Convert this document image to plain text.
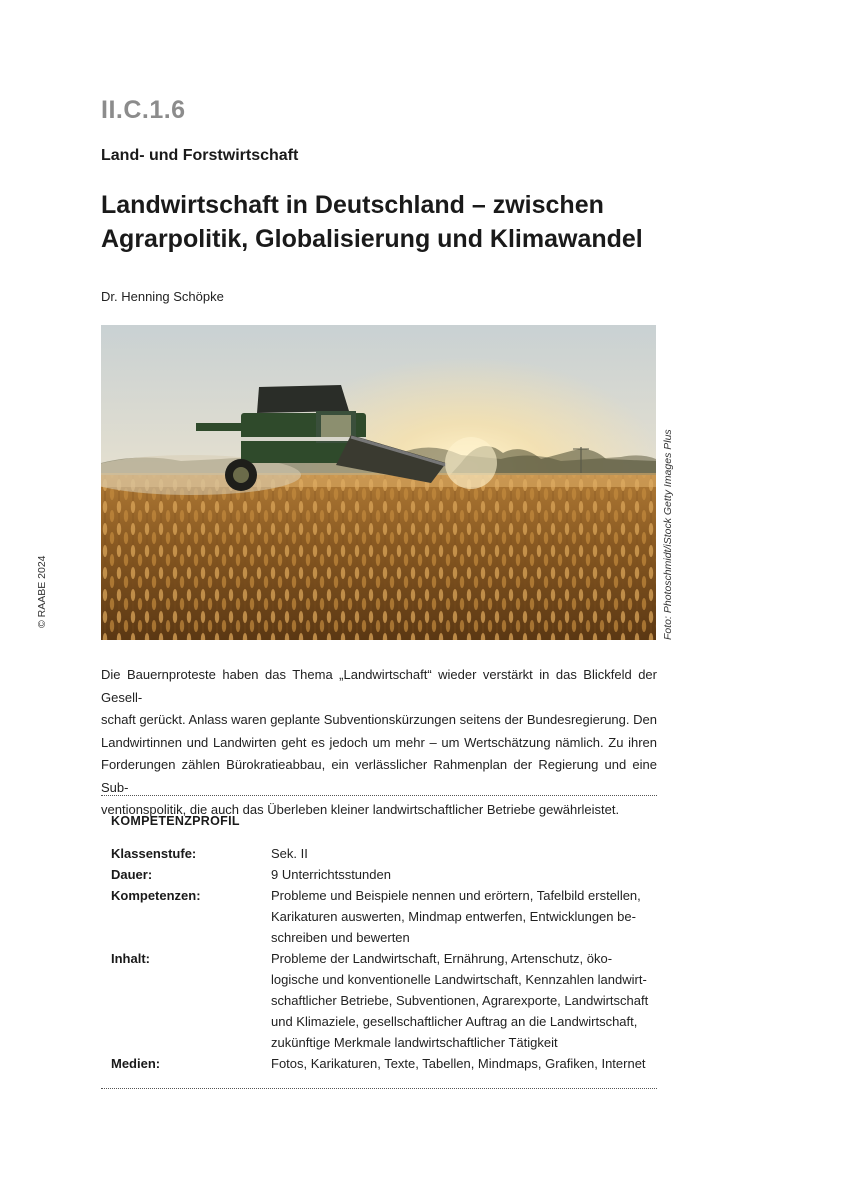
II.C.1.6
Land- und Forstwirtschaft
Landwirtschaft in Deutschland – zwischen
Agrarpolitik, Globalisierung und Klimawandel
Dr. Henning Schöpke
Foto: Photoschmidt/iStock Getty Images Plus
© RAABE 2024

Die Bauernproteste haben das Thema „Landwirtschaft“ wieder verstärkt in das Blickfeld der Gesell-
schaft gerückt. Anlass waren geplante Subventionskürzungen seitens der Bundesregierung. Den
Landwirtinnen und Landwirten geht es jedoch um mehr – um Wertschätzung nämlich. Zu ihren
Forderungen zählen Bürokratieabbau, ein verlässlicher Rahmenplan der Regierung und eine Sub-
ventionspolitik, die auch das Überleben kleiner landwirtschaftlicher Betriebe gewährleistet.

KOMPETENZPROFIL
Klassenstufe:	Sek. II
Dauer:	9 Unterrichtsstunden
Kompetenzen:	Probleme und Beispiele nennen und erörtern, Tafelbild erstellen,
Karikaturen auswerten, Mindmap entwerfen, Entwicklungen be-
schreiben und bewerten
Inhalt:	Probleme der Landwirtschaft, Ernährung, Artenschutz, öko-
logische und konventionelle Landwirtschaft, Kennzahlen landwirt-
schaftlicher Betriebe, Subventionen, Agrarexporte, Landwirtschaft
und Klimaziele, gesellschaftlicher Auftrag an die Landwirtschaft,
zukünftige Merkmale landwirtschaftlicher Tätigkeit
Medien:	Fotos, Karikaturen, Texte, Tabellen, Mindmaps, Grafiken, Internet
